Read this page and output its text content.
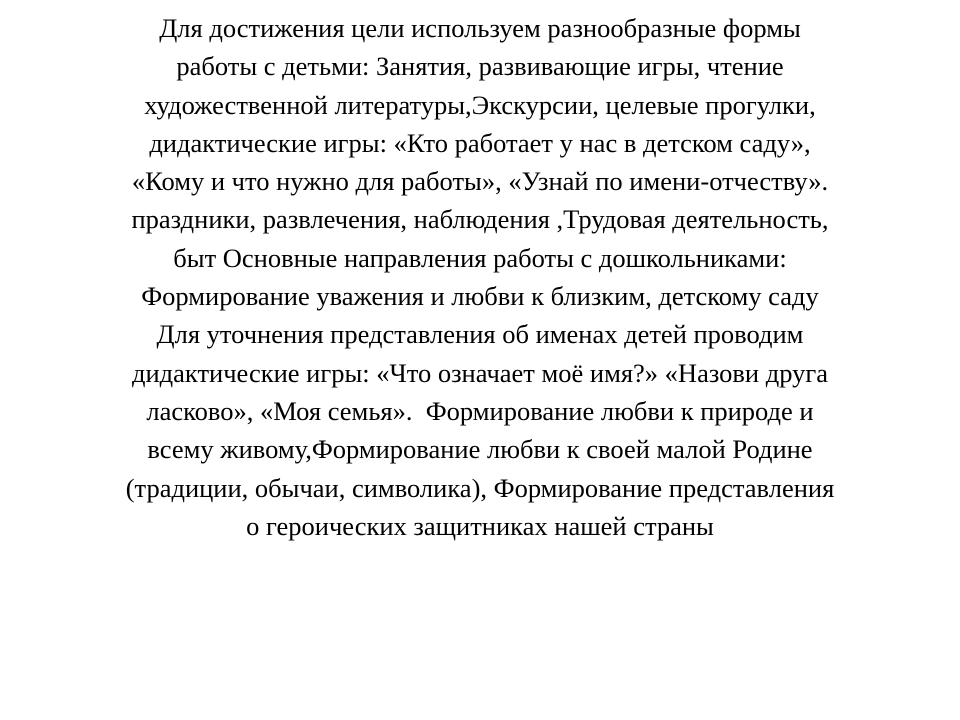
Для достижения цели используем разнообразные формы
работы с детьми: Занятия, развивающие игры, чтение
художественной литературы,Экскурсии, целевые прогулки,
дидактические игры: «Кто работает у нас в детском саду»,
«Кому и что нужно для работы», «Узнай по имени-отчеству».
праздники, развлечения, наблюдения ,Трудовая деятельность,
быт Основные направления работы с дошкольниками:
Формирование уважения и любви к близким, детскому саду
Для уточнения представления об именах детей проводим
дидактические игры: «Что означает моё имя?» «Назови друга
ласково», «Моя семья».  Формирование любви к природе и
всему живому,Формирование любви к своей малой Родине
(традиции, обычаи, символика), Формирование представления
о героических защитниках нашей страны
